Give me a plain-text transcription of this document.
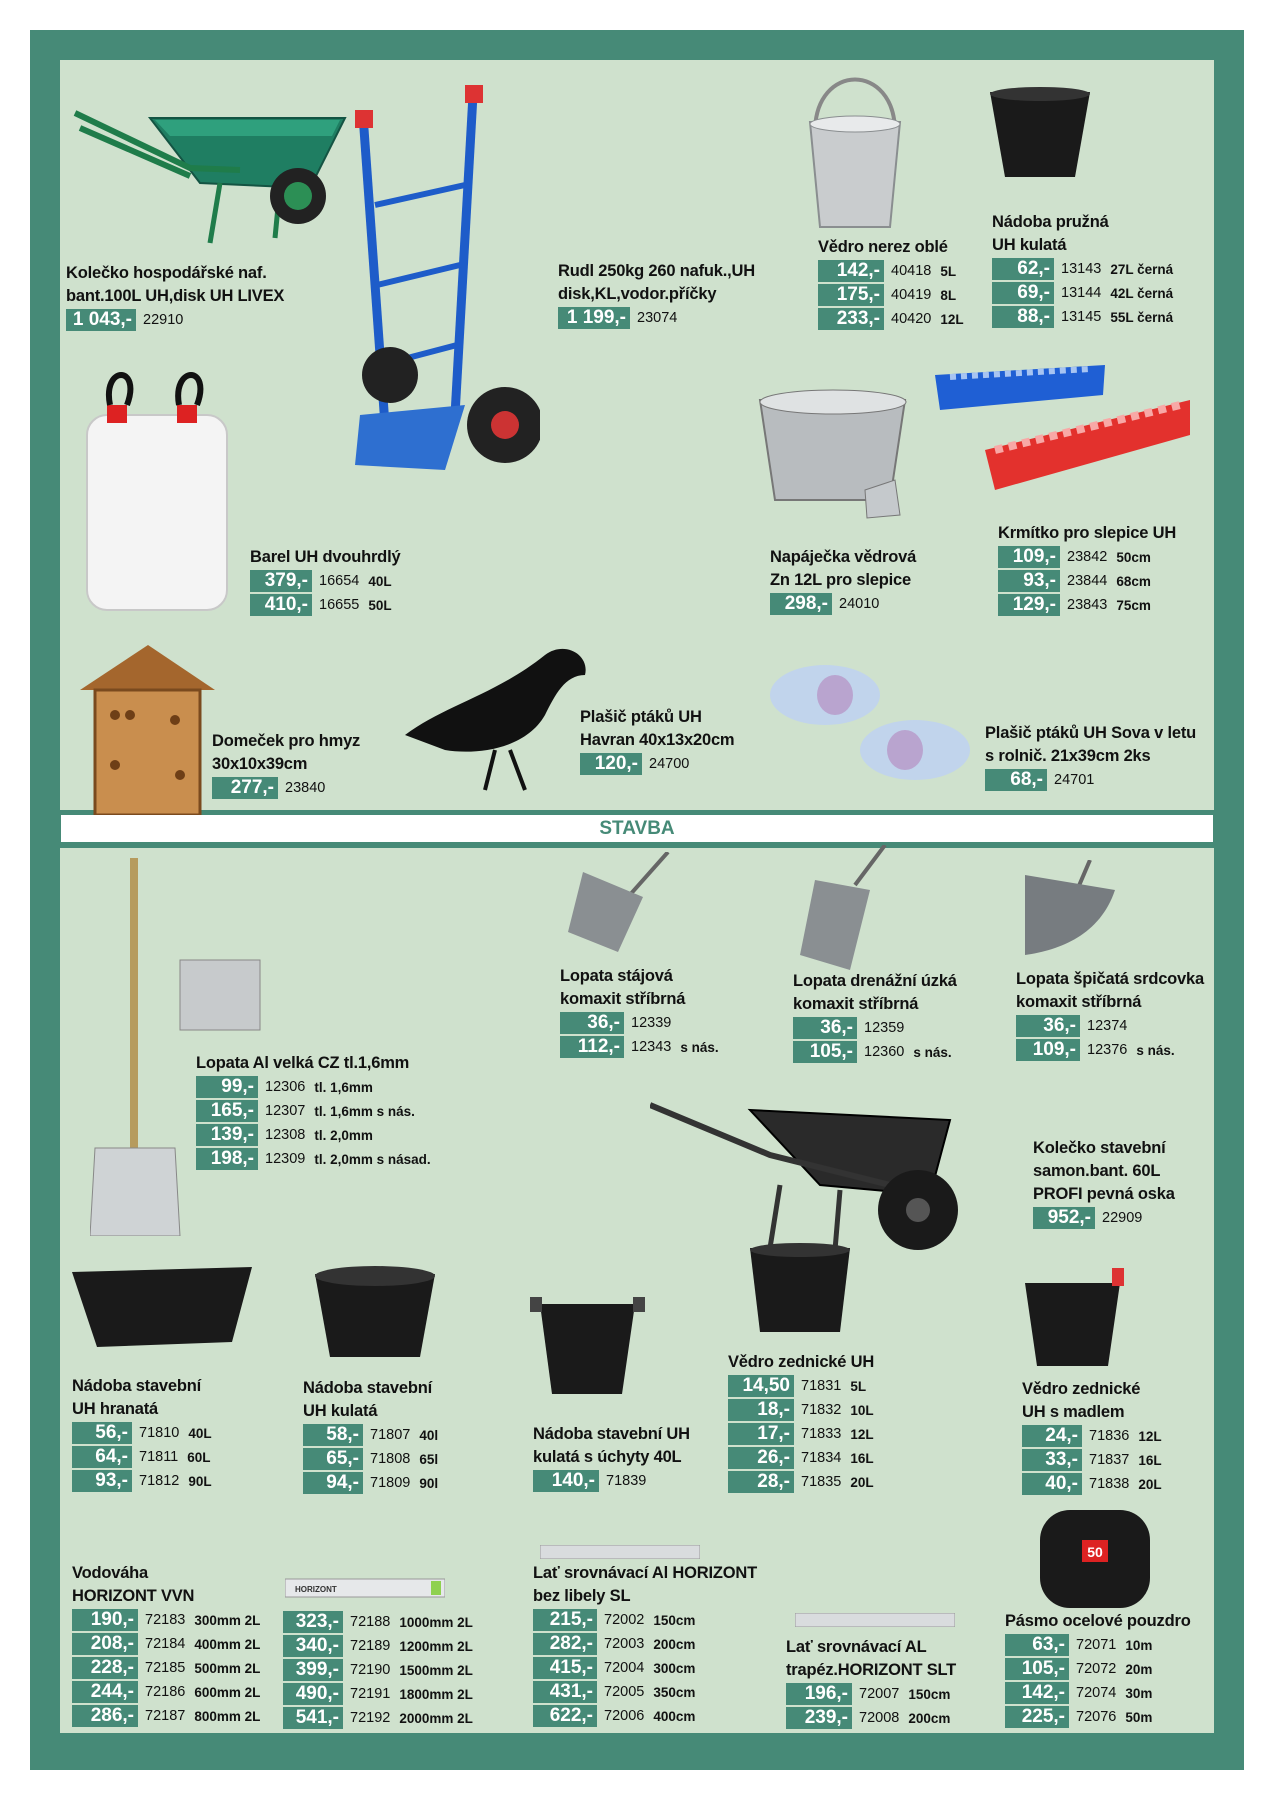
STAVBA
ZEPO Jihlava – str. 9 Akce trvá od 30.3. do 24.4.2026	Ceny jsou uvedeny bez DPH
HORIZONT
50
Kolečko hospodářské naf.
bant.100L UH,disk UH LIVEX
1 043,- 22910
Rudl 250kg 260 nafuk.,UH
disk,KL,vodor.příčky
1 199,- 23074
Vědro nerez oblé
142,- 40418 5L
175,- 40419 8L
233,- 40420 12L
Nádoba pružná
UH kulatá
62,- 13143 27L černá
69,- 13144 42L černá
88,- 13145 55L černá
Barel UH dvouhrdlý
379,- 16654 40L
410,- 16655 50L
Napáječka vědrová
Zn 12L pro slepice
298,- 24010
Krmítko pro slepice UH
109,- 23842 50cm
93,- 23844 68cm
129,- 23843 75cm
Domeček pro hmyz
30x10x39cm
277,- 23840
Plašič ptáků UH
Havran 40x13x20cm
120,- 24700
Plašič ptáků UH Sova v letu
s rolnič. 21x39cm 2ks
68,- 24701
Lopata Al velká CZ tl.1,6mm
99,- 12306 tl. 1,6mm
165,- 12307 tl. 1,6mm s nás.
139,- 12308 tl. 2,0mm
198,- 12309 tl. 2,0mm s násad.
Lopata stájová
komaxit stříbrná
36,- 12339
112,- 12343 s nás.
Lopata drenážní úzká
komaxit stříbrná
36,- 12359
105,- 12360 s nás.
Lopata špičatá srdcovka
komaxit stříbrná
36,- 12374
109,- 12376 s nás.
Kolečko stavební
samon.bant. 60L
PROFI pevná oska
952,- 22909
Nádoba stavební
UH hranatá
56,- 71810 40L
64,- 71811 60L
93,- 71812 90L
Nádoba stavební
UH kulatá
58,- 71807 40l
65,- 71808 65l
94,- 71809 90l
Nádoba stavební UH
kulatá s úchyty 40L
140,- 71839
Vědro zednické UH
14,50 71831 5L
18,- 71832 10L
17,- 71833 12L
26,- 71834 16L
28,- 71835 20L
Vědro zednické
UH s madlem
24,- 71836 12L
33,- 71837 16L
40,- 71838 20L
Vodováha
HORIZONT VVN
190,- 72183 300mm 2L
208,- 72184 400mm 2L
228,- 72185 500mm 2L
244,- 72186 600mm 2L
286,- 72187 800mm 2L
323,- 72188 1000mm 2L
340,- 72189 1200mm 2L
399,- 72190 1500mm 2L
490,- 72191 1800mm 2L
541,- 72192 2000mm 2L
Lať srovnávací Al HORIZONT
bez libely SL
215,- 72002 150cm
282,- 72003 200cm
415,- 72004 300cm
431,- 72005 350cm
622,- 72006 400cm
Lať srovnávací AL
trapéz.HORIZONT SLT
196,- 72007 150cm
239,- 72008 200cm
Pásmo ocelové pouzdro
63,- 72071 10m
105,- 72072 20m
142,- 72074 30m
225,- 72076 50m
